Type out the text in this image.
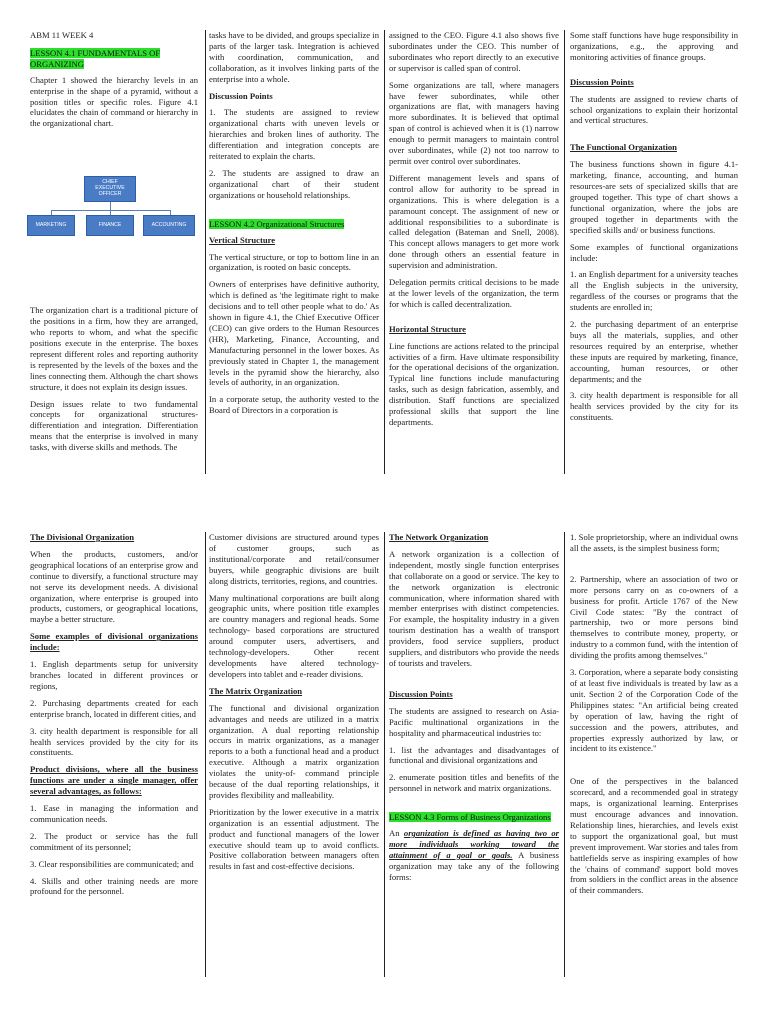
ABM 11 WEEK 4

LESSON 4.1 FUNDAMENTALS OF ORGANIZING

Chapter 1 showed the hierarchy levels in an enterprise in the shape of a pyramid, without a position titles or specific roles. Figure 4.1 elucidates the chain of command or hierarchy in the organizational chart.

The organization chart is a traditional picture of the positions in a firm, how they are arranged, who reports to whom, and what the specific positions execute in the enterprise. The boxes represent different roles and reporting authority is represented by the levels of the boxes and the lines connecting them. Although the chart shows structure, it does not explain its design issues.

Design issues relate to two fundamental concepts for organizational structures-differentiation and integration. Differentiation means that the enterprise is involved in many tasks, with diverse skills and methods. The

CHIEF EXECUTIVE OFFICER
MARKETING	FINANCE	ACCOUNTING

tasks have to be divided, and groups specialize in parts of the larger task. Integration is achieved with coordination, communication, and collaboration, as it involves linking parts of the enterprise into a whole.

Discussion Points

1. The students are assigned to review organizational charts with uneven levels or hierarchies and broken lines of authority. The differentiation and integration concepts are reiterated to explain the charts.

2. The students are assigned to draw an organizational chart of their student organizations or household relationships.

LESSON 4.2 Organizational Structures

Vertical Structure

The vertical structure, or top to bottom line in an organization, is rooted on basic concepts.

Owners of enterprises have definitive authority, which is defined as 'the legitimate right to make decisions and to tell other people what to do.' As shown in figure 4.1, the Chief Executive Officer (CEO) can give orders to the Human Resources (HR), Marketing, Finance, Accounting, and Manufacturing personnel in the lower boxes. As previously stated in Chapter 1, the management levels in the pyramid show the hierarchy, also levels of authority, in an organization.

In a corporate setup, the authority vested to the Board of Directors in a corporation is

assigned to the CEO. Figure 4.1 also shows five subordinates under the CEO. This number of subordinates who report directly to an executive or supervisor is called span of control.

Some organizations are tall, where managers have fewer subordinates, while other organizations are flat, with managers having more subordinates. It is believed that optimal span of control is achieved when it is (1) narrow enough to permit managers to maintain control over subordinates, while (2) not too narrow to permit over control over subordinates.

Different management levels and spans of control allow for authority to be spread in organizations. This is where delegation is a paramount concept. The assignment of new or additional responsibilities to a subordinate is called delegation (Bateman and Snell, 2008). This concept allows managers to get more work done through others an essential feature in supervision and administration.

Delegation permits critical decisions to be made at the lower levels of the organization, the term for which is called decentralization.

Horizontal Structure

Line functions are actions related to the principal activities of a firm. Have ultimate responsibility for the operational decisions of the organization. Typical line functions include manufacturing tasks, such as design fabrication, assembly, and distribution. Staff functions are specialized professional skills that support the line departments.

Some staff functions have huge responsibility in organizations, e.g., the approving and monitoring activities of finance groups.

Discussion Points

The students are assigned to review charts of school organizations to explain their horizontal and vertical structures.

The Functional Organization

The business functions shown in figure 4.1-marketing, finance, accounting, and human resources-are sets of specialized skills that are grouped together. This type of chart shows a functional organization, where the jobs are grouped together in departments with the specified skills and/ or business functions.

Some examples of functional organizations include:

1. an English department for a university teaches all the English subjects in the university, regardless of the courses or programs that the students are enrolled in;

2. the purchasing department of an enterprise buys all the materials, supplies, and other resources required by an enterprise, whether these inputs are required by marketing, finance, accounting, human resources, or other departments; and the

3. city health department is responsible for all health services provided by the city for its constituents.

The Divisional Organization

When the products, customers, and/or geographical locations of an enterprise grow and continue to diversify, a functional structure may not serve its development needs. A divisional organization, where enterprise is grouped into products, customers, or geographical locations, maybe a better structure.

Some examples of divisional organizations include:

1. English departments setup for university branches located in different provinces or regions,

2. Purchasing departments created for each enterprise branch, located in different cities, and

3. city health department is responsible for all health services provided by the city for its constituents.

Product divisions, where all the business functions are under a single manager, offer several advantages, as follows:

1. Ease in managing the information and communication needs.

2. The product or service has the full commitment of its personnel;

3. Clear responsibilities are communicated; and

4. Skills and other training needs are more profound for the personnel.

Customer divisions are structured around types of customer groups, such as institutional/corporate and retail/consumer buyers, while geographic divisions are built along districts, territories, regions, and countries.

Many multinational corporations are built along geographic units, where position title examples are country managers and regional heads. Some technology- based corporations are structured around computer users, advertisers, and technology-developers. Other recent developments have altered technology-developers into tablet and e-reader divisions.

The Matrix Organization

The functional and divisional organization advantages and needs are utilized in a matrix organization. A dual reporting relationship occurs in matrix organizations, as a manager reports to a both a functional head and a product executive. Although a matrix organization violates the unity-of- command principle because of the dual reporting relationships, it provides flexibility and malleability.

Prioritization by the lower executive in a matrix organization is an essential adjustment. The product and functional managers of the lower executive should team up to avoid conflicts. Positive collaboration between managers often results in fast and cost-effective decisions.

The Network Organization

A network organization is a collection of independent, mostly single function enterprises that collaborate on a good or service. The key to the network organization is electronic communication, where information shared with member enterprises with distinct competencies. For example, the hospitality industry in a given tourism destination has a wealth of transport providers, food service suppliers, product suppliers, and distributors who provide the needs of tourists and travelers.

Discussion Points

The students are assigned to research on Asia-Pacific multinational organizations in the hospitality and pharmaceutical industries to:

1. list the advantages and disadvantages of functional and divisional organizations and

2. enumerate position titles and benefits of the personnel in network and matrix organizations.

LESSON 4.3 Forms of Business Organizations

An organization is defined as having two or more individuals working toward the attainment of a goal or goals. A business organization may take any of the following forms:

1. Sole proprietorship, where an individual owns all the assets, is the simplest business form;

2. Partnership, where an association of two or more persons carry on as co-owners of a business for profit. Article 1767 of the New Civil Code states: "By the contract of partnership, two or more persons bind themselves to contribute money, property, or industry to a common fund, with the intention of dividing the profits among themselves."

3. Corporation, where a separate body consisting of at least five individuals is treated by law as a unit. Section 2 of the Corporation Code of the Philippines states: "An artificial being created by operation of law, having the right of succession and the powers, attributes, and properties expressly authorized by law, or incident to its existence."

One of the perspectives in the balanced scorecard, and a recommended goal in strategy maps, is organizational learning. Enterprises must encourage advances and innovation. Relationship lines, hierarchies, and levels exist to support the organizational goal, but must prevent improvement. War stories and tales from battlefields serve as inspiring examples of how the 'chains of command' support bold moves from soldiers in the conflict areas in the absence of their commanders.
